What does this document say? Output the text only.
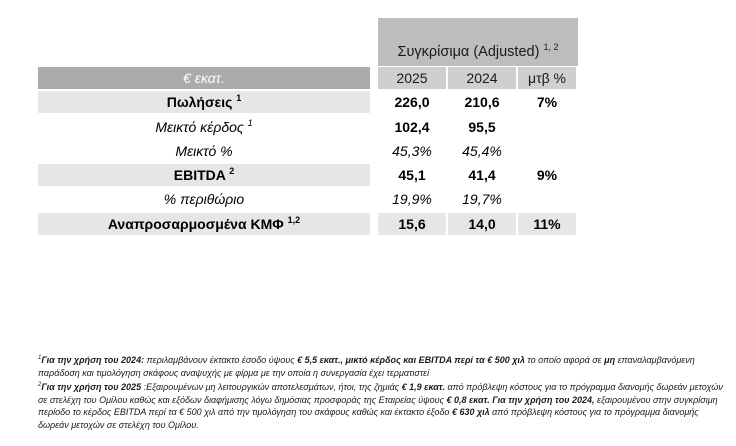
Συγκρίσιμα (Adjusted) $^{1, 2}$
€ εκατ.	2025	2024	μτβ %
Πωλήσεις $^1$	226,0	210,6	7%
Μεικτό κέρδος $^1$	102,4	95,5
Μεικτό %	45,3%	45,4%
EBITDA $^2$	45,1	41,4	9%
% περιθώριο	19,9%	19,7%
Αναπροσαρμοσμένα ΚΜΦ $^{1,2}$	15,6	14,0	11%

$^1$Για την χρήση του 2024: περιλαμβάνουν έκτακτο έσοδο ύψους € 5,5 εκατ., μικτό κέρδος και EBITDA περί τα € 500 χιλ το οποίο αφορά σε μη επαναλαμβανόμενη παράδοση και τιμολόγηση σκάφους αναψυχής με φίρμα με την οποία η συνεργασία έχει τερματιστεί

$^2$Για την χρήση του 2025 :Εξαιρουμένων μη λειτουργικών αποτελεσμάτων, ήτοι, της ζημιάς € 1,9 εκατ. από πρόβλεψη κόστους για το πρόγραμμα διανομής δωρεάν μετοχών σε στελέχη του Ομίλου καθώς και εξόδων διαφήμισης λόγω δημόσιας προσφοράς της Εταιρείας ύψους € 0,8 εκατ. Για την χρήση του 2024, εξαιρουμένου στην συγκρίσιμη περίοδο το κέρδος EBITDA περί τα € 500 χιλ από την τιμολόγηση του σκάφους καθώς και έκτακτο έξοδο € 630 χιλ από πρόβλεψη κόστους για το πρόγραμμα διανομής δωρεάν μετοχών σε στελέχη του Ομίλου.
